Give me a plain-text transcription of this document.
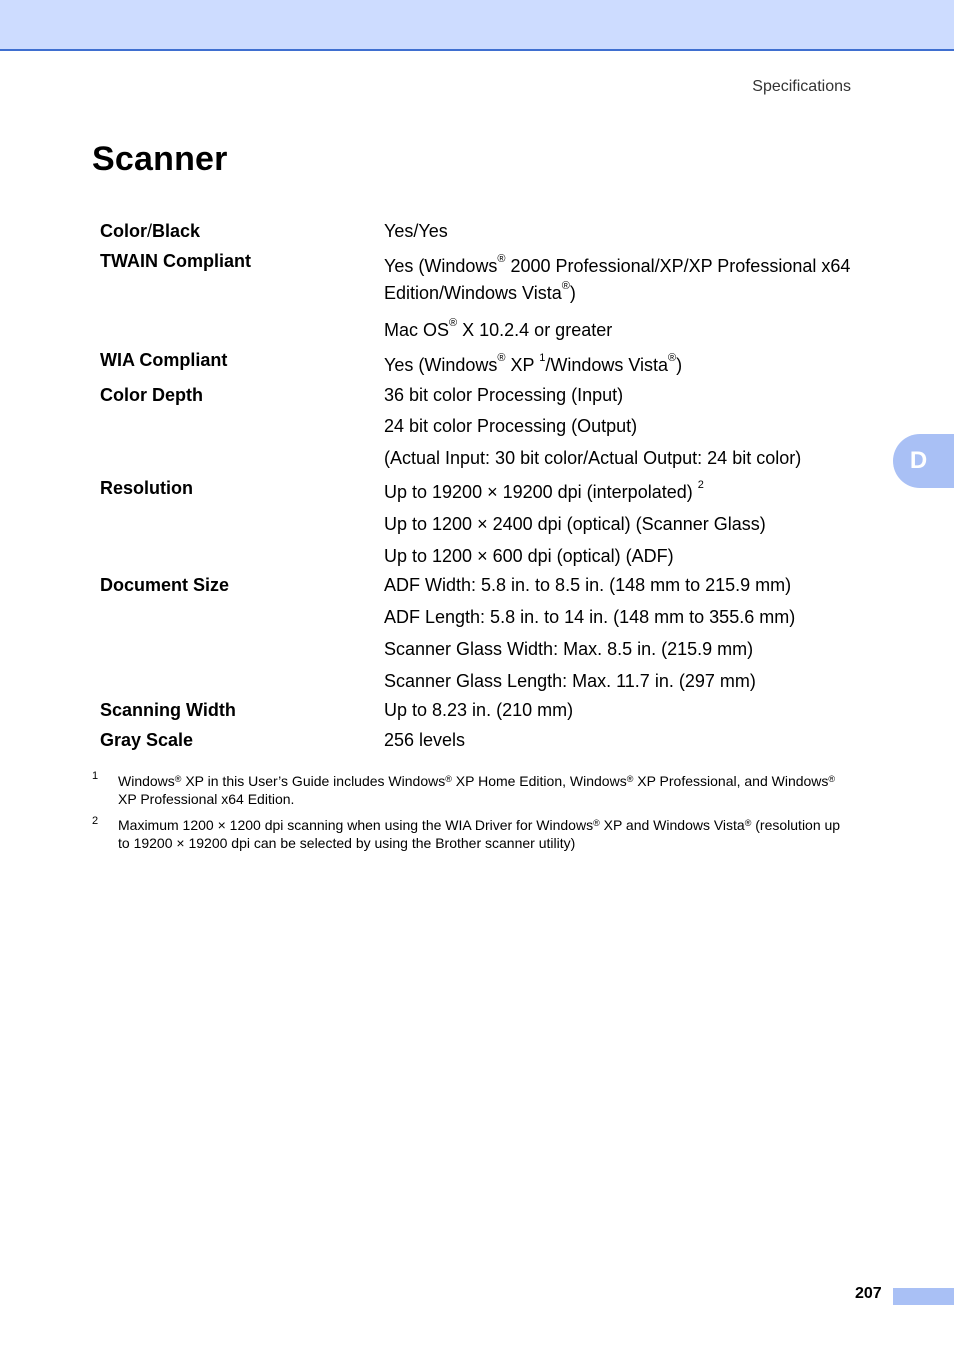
Specifications
Scanner
D
Color/Black	Yes/Yes
TWAIN Compliant	Yes (Windows® 2000 Professional/XP/XP Professional x64
Edition/Windows Vista®)
Mac OS® X 10.2.4 or greater
WIA Compliant	Yes (Windows® XP $^1$/Windows Vista®)
Color Depth	36 bit color Processing (Input)
24 bit color Processing (Output)
(Actual Input: 30 bit color/Actual Output: 24 bit color)
Resolution	Up to 19200 × 19200 dpi (interpolated) $^2$
Up to 1200 × 2400 dpi (optical) (Scanner Glass)
Up to 1200 × 600 dpi (optical) (ADF)
Document Size	ADF Width: 5.8 in. to 8.5 in. (148 mm to 215.9 mm)
ADF Length: 5.8 in. to 14 in. (148 mm to 355.6 mm)
Scanner Glass Width: Max. 8.5 in. (215.9 mm)
Scanner Glass Length: Max. 11.7 in. (297 mm)
Scanning Width	Up to 8.23 in. (210 mm)
Gray Scale	256 levels
1 Windows® XP in this User’s Guide includes Windows® XP Home Edition, Windows® XP Professional, and Windows®
XP Professional x64 Edition.
2 Maximum 1200 × 1200 dpi scanning when using the WIA Driver for Windows® XP and Windows Vista® (resolution up
to 19200 × 19200 dpi can be selected by using the Brother scanner utility)
207
